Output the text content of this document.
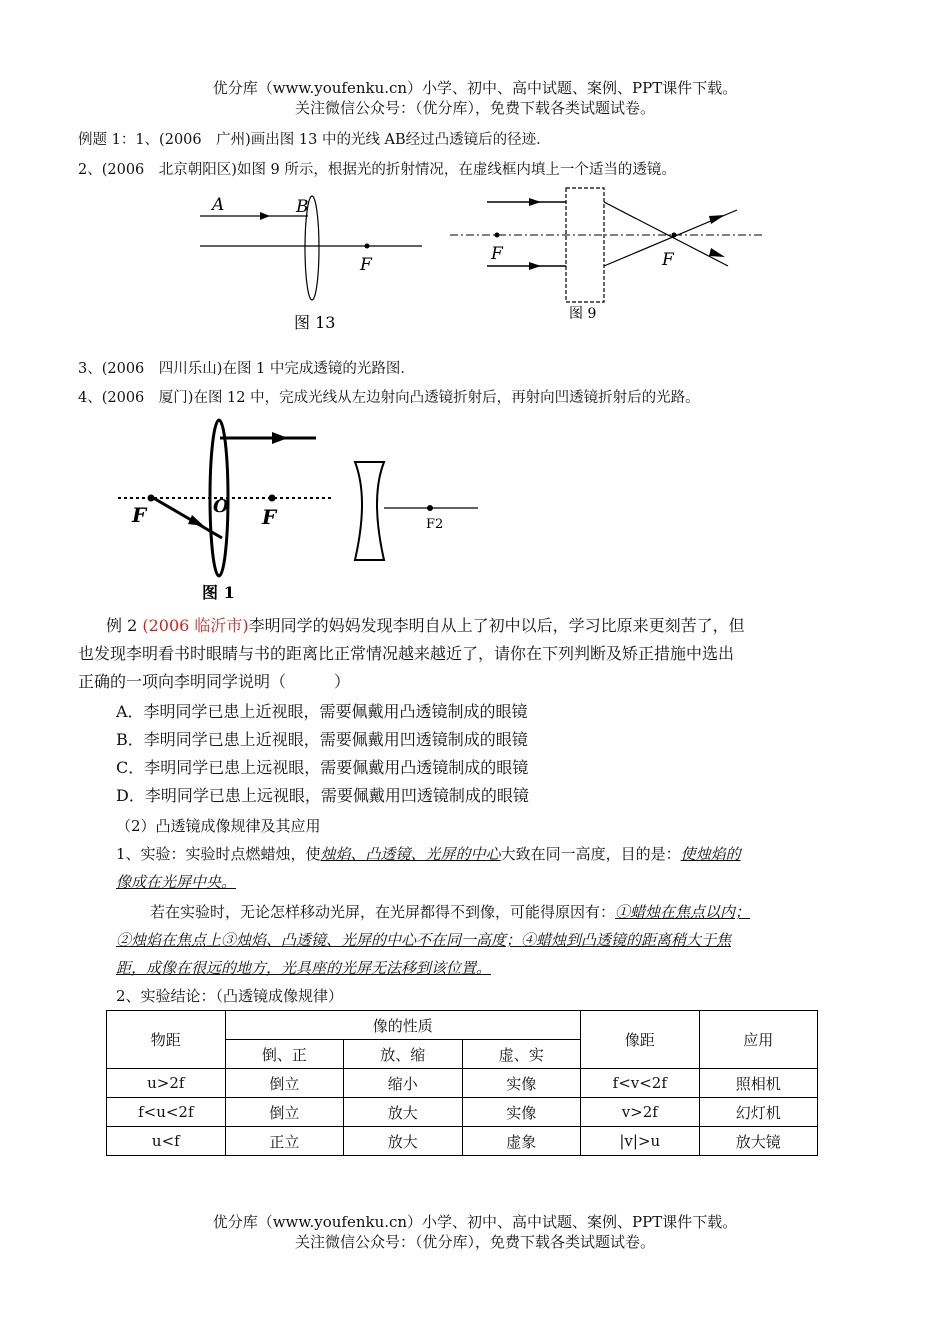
优分库（www.youfenku.cn）小学、初中、高中试题、案例、PPT课件下载。
关注微信公众号：（优分库），免费下载各类试题试卷。
例题 1：1、(2006　广州)画出图 13 中的光线 AB经过凸透镜后的径迹．
2、(2006　北京朝阳区)如图 9 所示，根据光的折射情况，在虚线框内填上一个适当的透镜。
A	B
F
图 13
F	F
图 9
3、(2006　四川乐山)在图 1 中完成透镜的光路图．
4、(2006　厦门)在图 12 中，完成光线从左边射向凸透镜折射后，再射向凹透镜折射后的光路。
F	O F	F2
图 1
例 2 (2006 临沂市)李明同学的妈妈发现李明自从上了初中以后，学习比原来更刻苦了，但
也发现李明看书时眼睛与书的距离比正常情况越来越近了，请你在下列判断及矫正措施中选出
正确的一项向李明同学说明（　　　）
A．李明同学已患上近视眼，需要佩戴用凸透镜制成的眼镜
B．李明同学已患上近视眼，需要佩戴用凹透镜制成的眼镜
C．李明同学已患上远视眼，需要佩戴用凸透镜制成的眼镜
D．李明同学已患上远视眼，需要佩戴用凹透镜制成的眼镜
（2）凸透镜成像规律及其应用
1、实验：实验时点燃蜡烛，使烛焰、凸透镜、光屏的中心大致在同一高度，目的是：使烛焰的
像成在光屏中央。
若在实验时，无论怎样移动光屏，在光屏都得不到像，可能得原因有：①蜡烛在焦点以内；
②烛焰在焦点上③烛焰、凸透镜、光屏的中心不在同一高度；④蜡烛到凸透镜的距离稍大于焦
距，成像在很远的地方，光具座的光屏无法移到该位置。
2、实验结论：（凸透镜成像规律）
物距	像的性质			像距	应用
	倒、正	放、缩	虚、实		
u>2f	倒立	缩小	实像	f<v<2f	照相机
f<u<2f	倒立	放大	实像	v>2f	幻灯机
u<f	正立	放大	虚象	|v|>u	放大镜
优分库（www.youfenku.cn）小学、初中、高中试题、案例、PPT课件下载。
关注微信公众号：（优分库），免费下载各类试题试卷。
